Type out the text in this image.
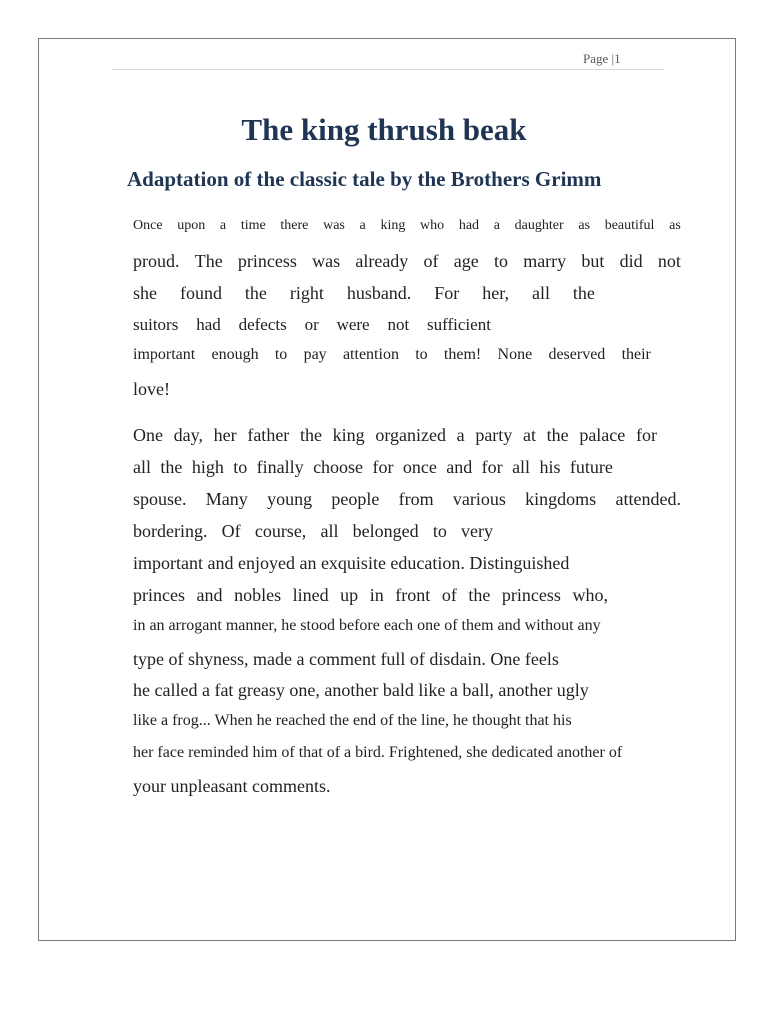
Page |1
The king thrush beak
Adaptation of the classic tale by the Brothers Grimm
Once upon a time there was a king who had a daughter as beautiful as
proud. The princess was already of age to marry but did not
she found the right husband. For her, all the
suitors had defects or were not sufficient
important enough to pay attention to them! None deserved their
love!
One day, her father the king organized a party at the palace for
all the high to finally choose for once and for all his future
spouse. Many young people from various kingdoms attended.
bordering. Of course, all belonged to very
important and enjoyed an exquisite education. Distinguished
princes and nobles lined up in front of the princess who,
in an arrogant manner, he stood before each one of them and without any
type of shyness, made a comment full of disdain. One feels
he called a fat greasy one, another bald like a ball, another ugly
like a frog... When he reached the end of the line, he thought that his
her face reminded him of that of a bird. Frightened, she dedicated another of
your unpleasant comments.
